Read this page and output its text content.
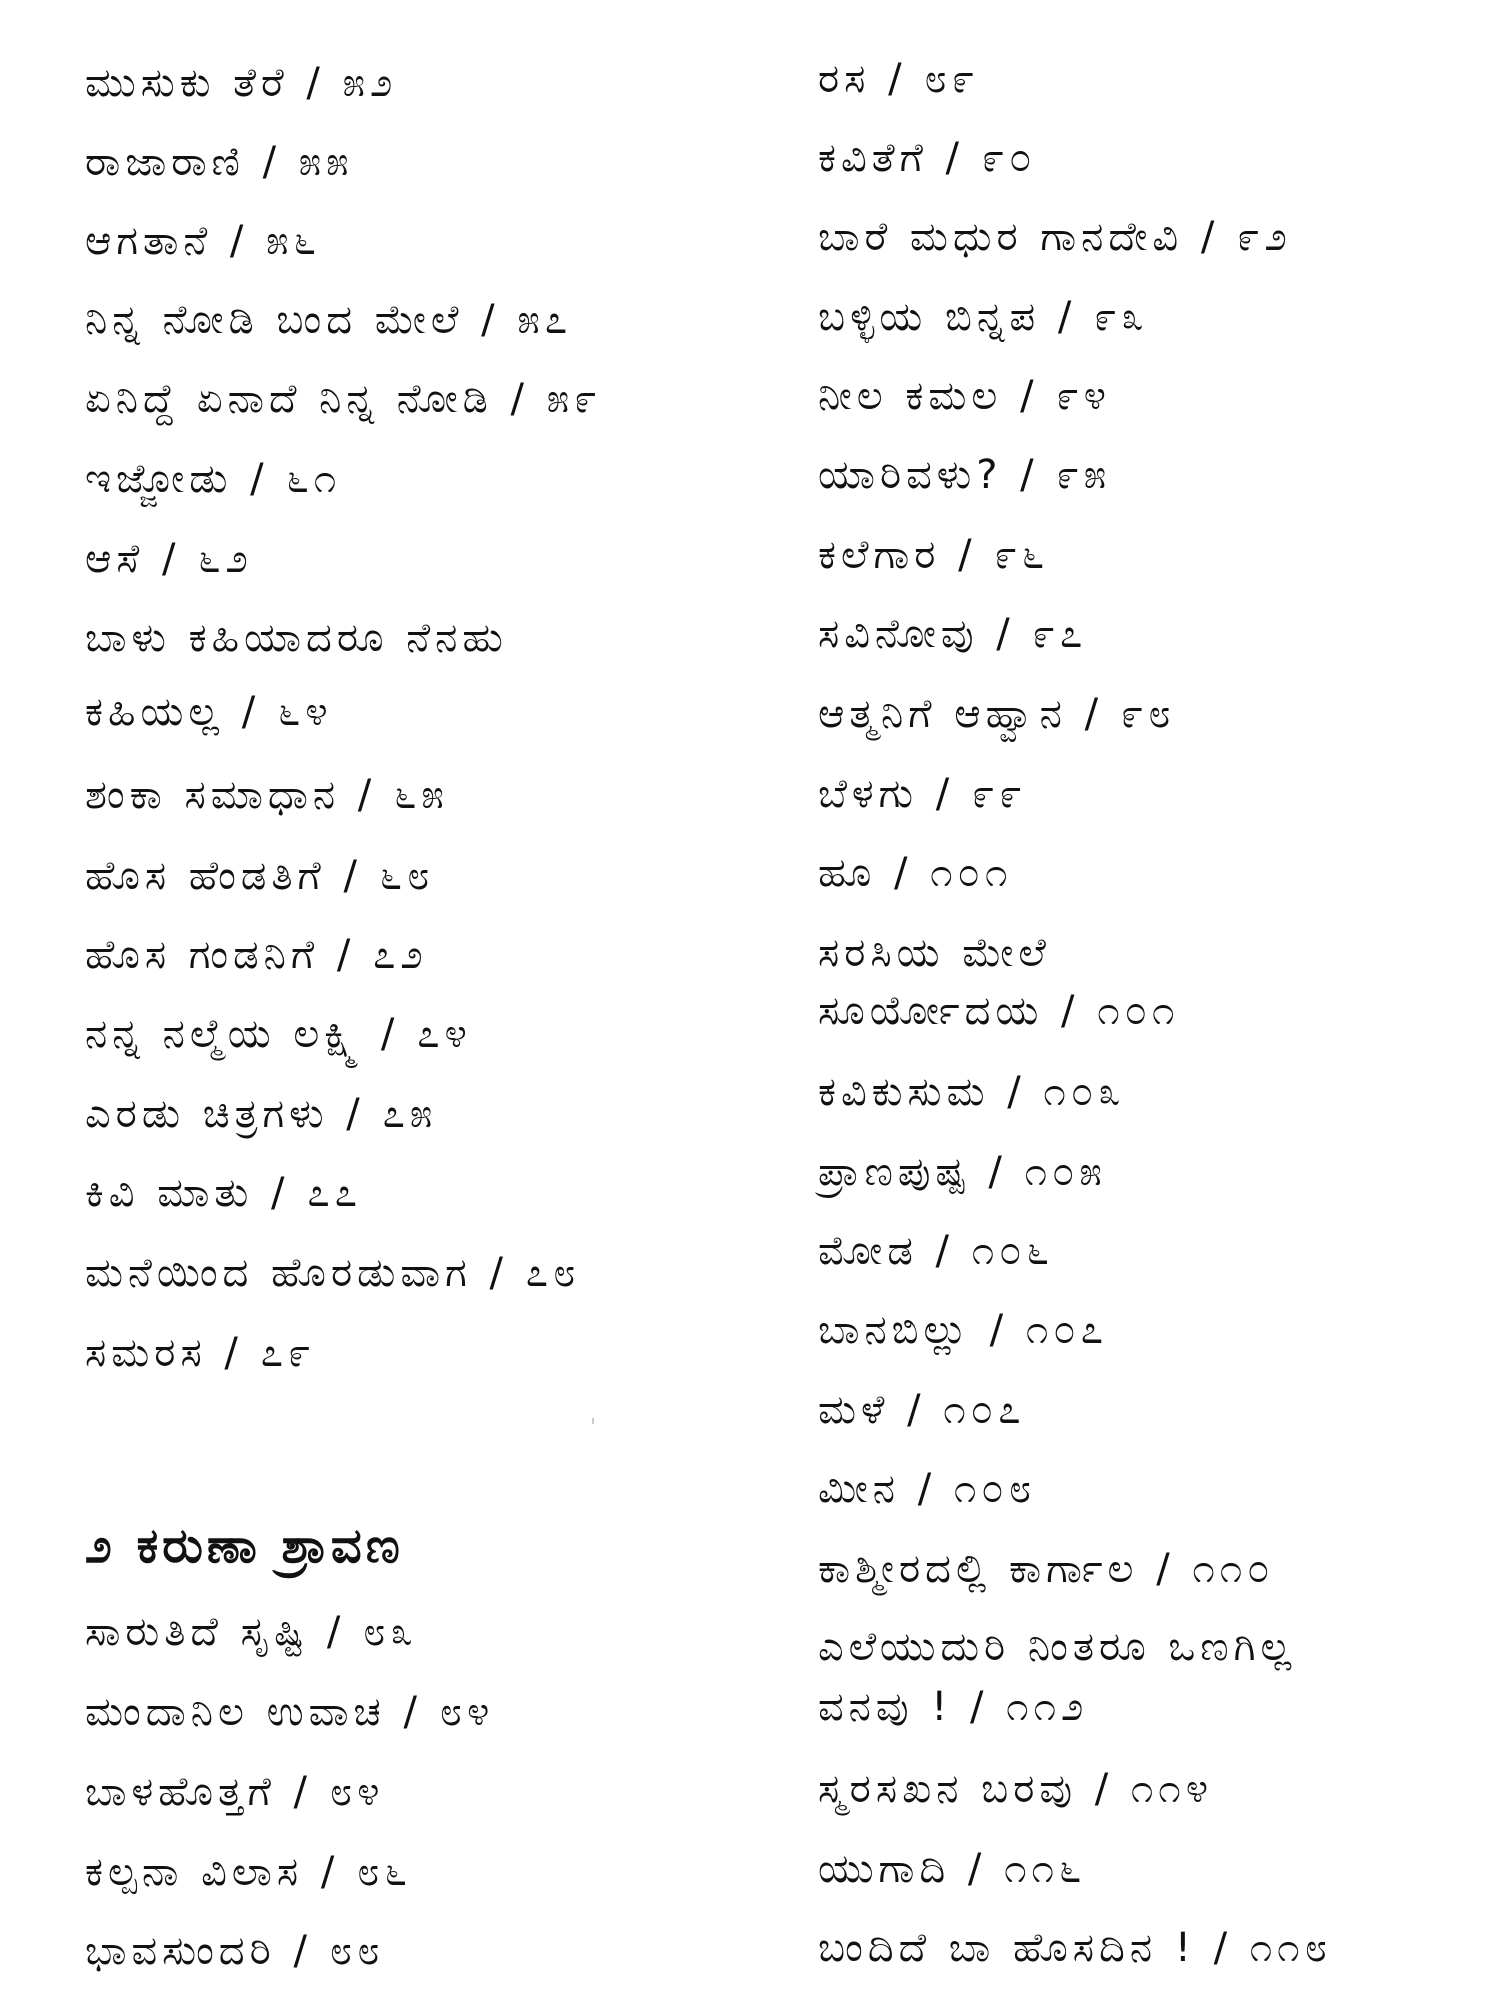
ಮುಸುಕು ತೆರೆ / ೫೨
ರಾಜಾರಾಣಿ / ೫೫
ಆಗತಾನೆ / ೫೬
ನಿನ್ನ ನೋಡಿ ಬಂದ ಮೇಲೆ / ೫೭
ಏನಿದ್ದೆ ಏನಾದೆ ನಿನ್ನ ನೋಡಿ / ೫೯
ಇಜ್ಜೋಡು / ೬೧
ಆಸೆ / ೬೨
ಬಾಳು ಕಹಿಯಾದರೂ ನೆನಹು
ಕಹಿಯಲ್ಲ / ೬೪
ಶಂಕಾ ಸಮಾಧಾನ / ೬೫
ಹೊಸ ಹೆಂಡತಿಗೆ / ೬೮
ಹೊಸ ಗಂಡನಿಗೆ / ೭೨
ನನ್ನ ನಲ್ಮೆಯ ಲಕ್ಷ್ಮಿ / ೭೪
ಎರಡು ಚಿತ್ರಗಳು / ೭೫
ಕಿವಿ ಮಾತು / ೭೭
ಮನೆಯಿಂದ ಹೊರಡುವಾಗ / ೭೮
ಸಮರಸ / ೭೯
೨ ಕರುಣಾ ಶ್ರಾವಣ
ಸಾರುತಿದೆ ಸೃಷ್ಟಿ / ೮೩
ಮಂದಾನಿಲ ಉವಾಚ / ೮೪
ಬಾಳಹೊತ್ತಗೆ / ೮೪
ಕಲ್ಪನಾ ವಿಲಾಸ / ೮೬
ಭಾವಸುಂದರಿ / ೮೮
ರಸ / ೮೯
ಕವಿತೆಗೆ / ೯೦
ಬಾರೆ ಮಧುರ ಗಾನದೇವಿ / ೯೨
ಬಳ್ಳಿಯ ಬಿನ್ನಪ / ೯೩
ನೀಲ ಕಮಲ / ೯೪
ಯಾರಿವಳು? / ೯೫
ಕಲೆಗಾರ / ೯೬
ಸವಿನೋವು / ೯೭
ಆತ್ಮನಿಗೆ ಆಹ್ವಾನ / ೯೮
ಬೆಳಗು / ೯೯
ಹೂ / ೧೦೧
ಸರಸಿಯ ಮೇಲೆ
ಸೂರ್ಯೋದಯ / ೧೦೧
ಕವಿಕುಸುಮ / ೧೦೩
ಪ್ರಾಣಪುಷ್ಪ / ೧೦೫
ಮೋಡ / ೧೦೬
ಬಾನಬಿಲ್ಲು / ೧೦೭
ಮಳೆ / ೧೦೭
ಮೀನ / ೧೦೮
ಕಾಶ್ಮೀರದಲ್ಲಿ ಕಾರ್ಗಾಲ / ೧೧೦
ಎಲೆಯುದುರಿ ನಿಂತರೂ ಒಣಗಿಲ್ಲ
ವನವು ! / ೧೧೨
ಸ್ಮರಸಖನ ಬರವು / ೧೧೪
ಯುಗಾದಿ / ೧೧೬
ಬಂದಿದೆ ಬಾ ಹೊಸದಿನ ! / ೧೧೮
